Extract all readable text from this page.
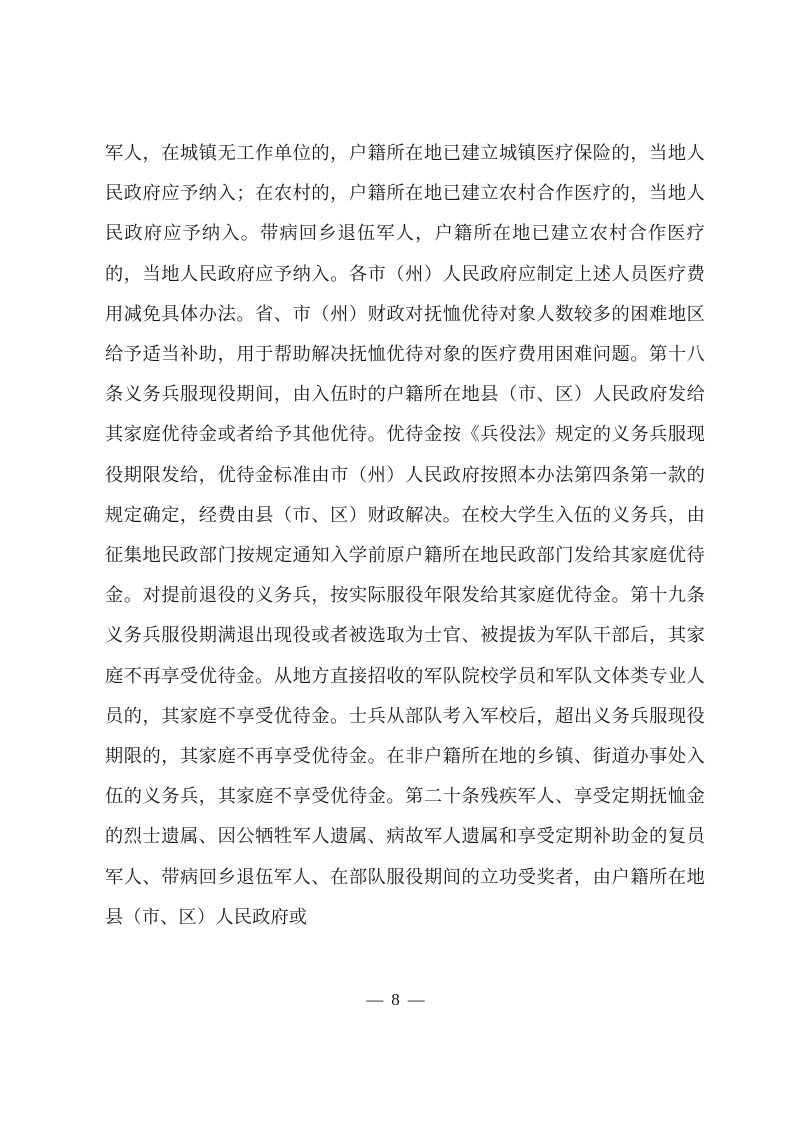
军人，在城镇无工作单位的，户籍所在地已建立城镇医疗保险的，当地人民政府应予纳入；在农村的，户籍所在地已建立农村合作医疗的，当地人民政府应予纳入。带病回乡退伍军人，户籍所在地已建立农村合作医疗的，当地人民政府应予纳入。各市（州）人民政府应制定上述人员医疗费用减免具体办法。省、市（州）财政对抚恤优待对象人数较多的困难地区给予适当补助，用于帮助解决抚恤优待对象的医疗费用困难问题。第十八条义务兵服现役期间，由入伍时的户籍所在地县（市、区）人民政府发给其家庭优待金或者给予其他优待。优待金按《兵役法》规定的义务兵服现役期限发给，优待金标准由市（州）人民政府按照本办法第四条第一款的规定确定，经费由县（市、区）财政解决。在校大学生入伍的义务兵，由征集地民政部门按规定通知入学前原户籍所在地民政部门发给其家庭优待金。对提前退役的义务兵，按实际服役年限发给其家庭优待金。第十九条义务兵服役期满退出现役或者被选取为士官、被提拔为军队干部后，其家庭不再享受优待金。从地方直接招收的军队院校学员和军队文体类专业人员的，其家庭不享受优待金。士兵从部队考入军校后，超出义务兵服现役期限的，其家庭不再享受优待金。在非户籍所在地的乡镇、街道办事处入伍的义务兵，其家庭不享受优待金。第二十条残疾军人、享受定期抚恤金的烈士遗属、因公牺牲军人遗属、病故军人遗属和享受定期补助金的复员军人、带病回乡退伍军人、在部队服役期间的立功受奖者，由户籍所在地县（市、区）人民政府或

— 8 —
